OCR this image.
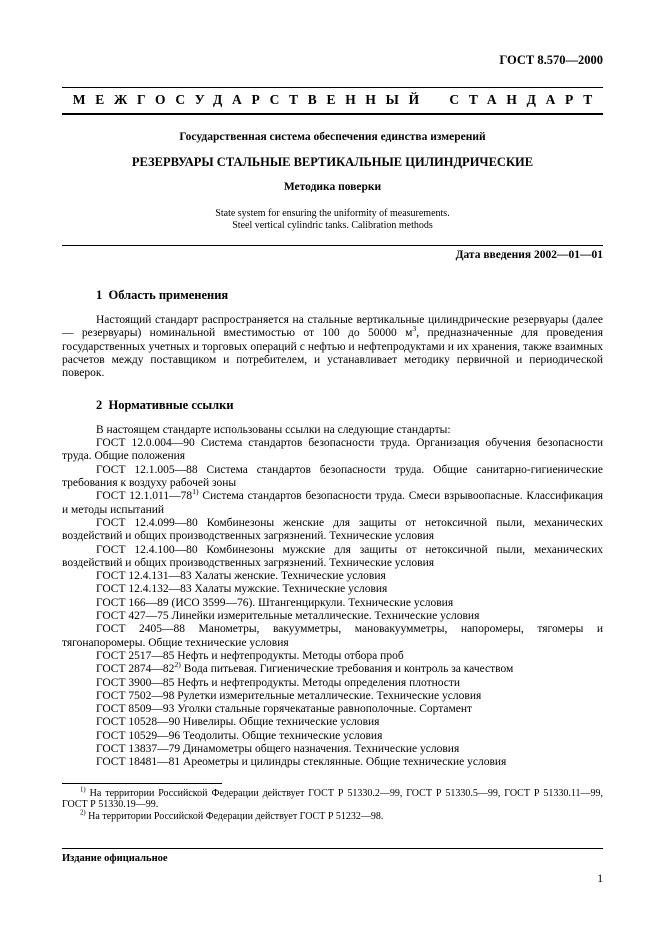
ГОСТ 8.570—2000
МЕЖГОСУДАРСТВЕННЫЙ СТАНДАРТ
Государственная система обеспечения единства измерений
РЕЗЕРВУАРЫ СТАЛЬНЫЕ ВЕРТИКАЛЬНЫЕ ЦИЛИНДРИЧЕСКИЕ
Методика поверки
State system for ensuring the uniformity of measurements.
Steel vertical cylindric tanks. Calibration methods
Дата введения 2002—01—01
1  Область применения

Настоящий стандарт распространяется на стальные вертикальные цилиндрические резервуары (далее — резервуары) номинальной вместимостью от 100 до 50000 $м^3$, предназначенные для проведения государственных учетных и торговых операций с нефтью и нефтепродуктами и их хранения, также взаимных расчетов между поставщиком и потребителем, и устанавливает методику первичной и периодической поверок.

2  Нормативные ссылки

В настоящем стандарте использованы ссылки на следующие стандарты:

ГОСТ 12.0.004—90 Система стандартов безопасности труда. Организация обучения безопасности труда. Общие положения

ГОСТ 12.1.005—88 Система стандартов безопасности труда. Общие санитарно-гигиенические требования к воздуху рабочей зоны

ГОСТ 12.1.011—78$^{1)}$ Система стандартов безопасности труда. Смеси взрывоопасные. Классификация и методы испытаний

ГОСТ 12.4.099—80 Комбинезоны женские для защиты от нетоксичной пыли, механических воздействий и общих производственных загрязнений. Технические условия

ГОСТ 12.4.100—80 Комбинезоны мужские для защиты от нетоксичной пыли, механических воздействий и общих производственных загрязнений. Технические условия

ГОСТ 12.4.131—83 Халаты женские. Технические условия

ГОСТ 12.4.132—83 Халаты мужские. Технические условия

ГОСТ 166—89 (ИСО 3599—76). Штангенциркули. Технические условия

ГОСТ 427—75 Линейки измерительные металлические. Технические условия

ГОСТ 2405—88 Манометры, вакуумметры, мановакуумметры, напоромеры, тягомеры и тягонапоромеры. Общие технические условия

ГОСТ 2517—85 Нефть и нефтепродукты. Методы отбора проб

ГОСТ 2874—82$^{2)}$ Вода питьевая. Гигиенические требования и контроль за качеством

ГОСТ 3900—85 Нефть и нефтепродукты. Методы определения плотности

ГОСТ 7502—98 Рулетки измерительные металлические. Технические условия

ГОСТ 8509—93 Уголки стальные горячекатаные равнополочные. Сортамент

ГОСТ 10528—90 Нивелиры. Общие технические условия

ГОСТ 10529—96 Теодолиты. Общие технические условия

ГОСТ 13837—79 Динамометры общего назначения. Технические условия

ГОСТ 18481—81 Ареометры и цилиндры стеклянные. Общие технические условия

$^{1)}$ На территории Российской Федерации действует ГОСТ Р 51330.2—99, ГОСТ Р 51330.5—99, ГОСТ Р 51330.11—99, ГОСТ Р 51330.19—99.

$^{2)}$ На территории Российской Федерации действует ГОСТ Р 51232—98.

Издание официальное
1
